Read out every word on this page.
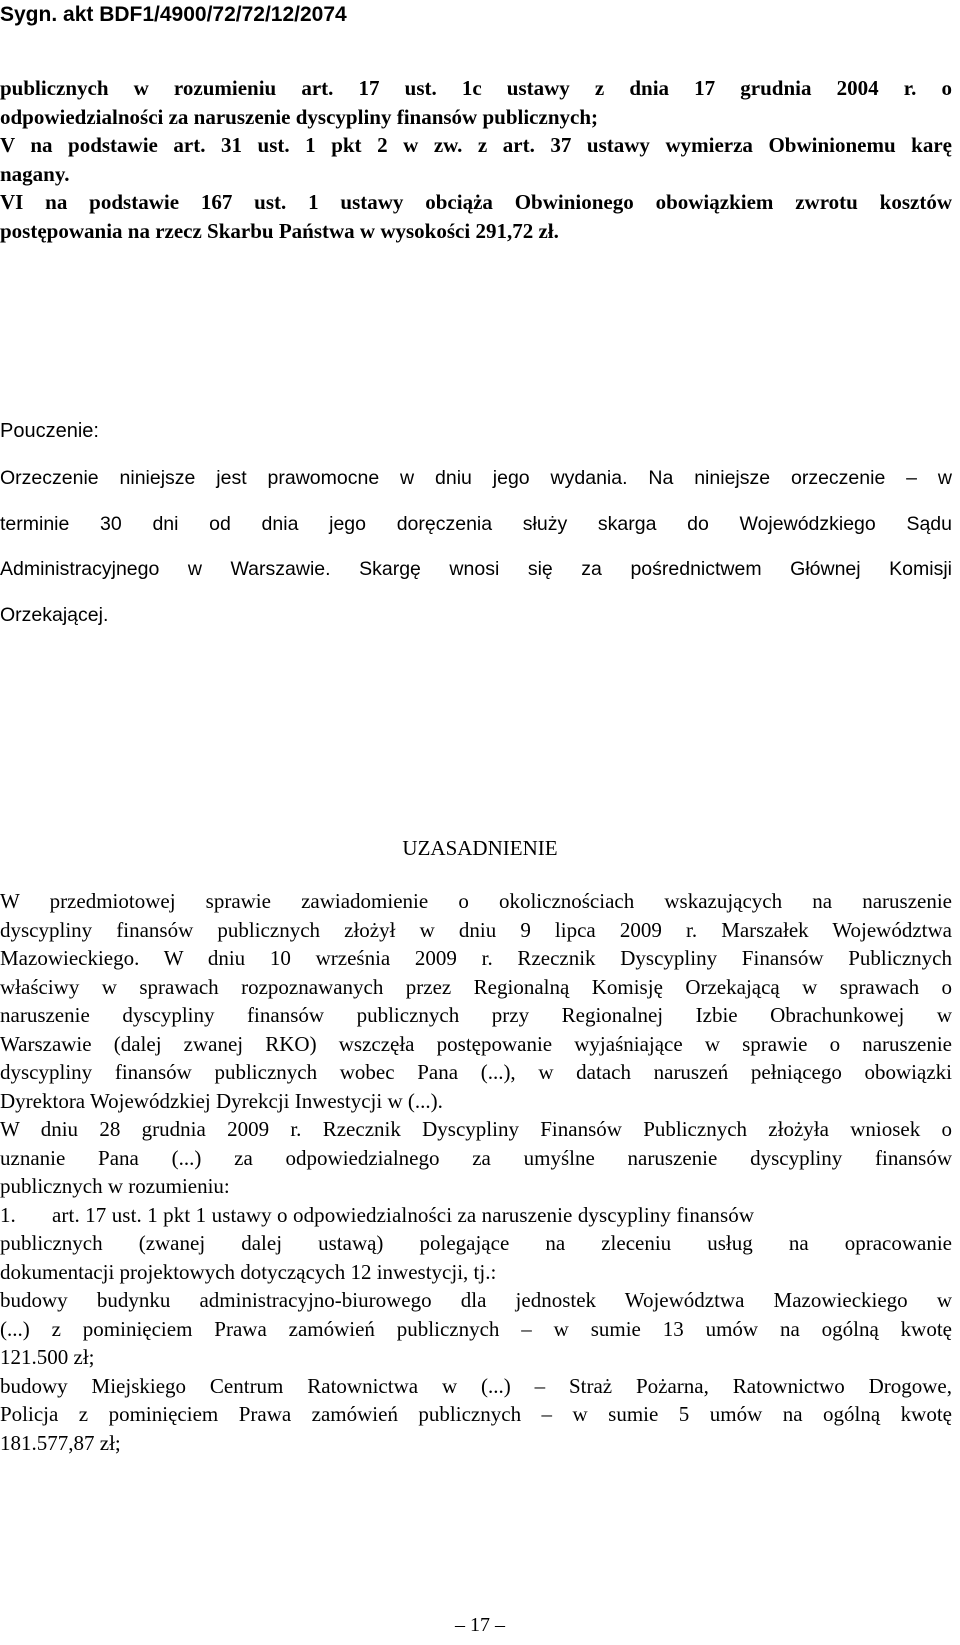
Sygn. akt BDF1/4900/72/72/12/2074
publicznych w rozumieniu art. 17 ust. 1c ustawy z dnia 17 grudnia 2004 r. o
odpowiedzialności za naruszenie dyscypliny finansów publicznych;
V na podstawie art. 31 ust. 1 pkt 2 w zw. z art. 37 ustawy wymierza Obwinionemu karę
nagany.
VI na podstawie 167 ust. 1 ustawy obciąża Obwinionego obowiązkiem zwrotu kosztów
postępowania na rzecz Skarbu Państwa w wysokości 291,72 zł.
Pouczenie:
Orzeczenie niniejsze jest prawomocne w dniu jego wydania. Na niniejsze orzeczenie – w
terminie 30 dni od dnia jego doręczenia służy skarga do Wojewódzkiego Sądu
Administracyjnego w Warszawie. Skargę wnosi się za pośrednictwem Głównej Komisji
Orzekającej.
UZASADNIENIE
W przedmiotowej sprawie zawiadomienie o okolicznościach wskazujących na naruszenie
dyscypliny finansów publicznych złożył w dniu 9 lipca 2009 r. Marszałek Województwa
Mazowieckiego. W dniu 10 września 2009 r. Rzecznik Dyscypliny Finansów Publicznych
właściwy w sprawach rozpoznawanych przez Regionalną Komisję Orzekającą w sprawach o
naruszenie dyscypliny finansów publicznych przy Regionalnej Izbie Obrachunkowej w
Warszawie (dalej zwanej RKO) wszczęła postępowanie wyjaśniające w sprawie o naruszenie
dyscypliny finansów publicznych wobec Pana (...), w datach naruszeń pełniącego obowiązki
Dyrektora Wojewódzkiej Dyrekcji Inwestycji w (...).
W dniu 28 grudnia 2009 r. Rzecznik Dyscypliny Finansów Publicznych złożyła wniosek o
uznanie Pana (...) za odpowiedzialnego za umyślne naruszenie dyscypliny finansów
publicznych w rozumieniu:
1. art. 17 ust. 1 pkt 1 ustawy o odpowiedzialności za naruszenie dyscypliny finansów
publicznych (zwanej dalej ustawą) polegające na zleceniu usług na opracowanie
dokumentacji projektowych dotyczących 12 inwestycji, tj.:
budowy budynku administracyjno-biurowego dla jednostek Województwa Mazowieckiego w
(...) z pominięciem Prawa zamówień publicznych – w sumie 13 umów na ogólną kwotę
121.500 zł;
budowy Miejskiego Centrum Ratownictwa w (...) – Straż Pożarna, Ratownictwo Drogowe,
Policja z pominięciem Prawa zamówień publicznych – w sumie 5 umów na ogólną kwotę
181.577,87 zł;
– 17 –
